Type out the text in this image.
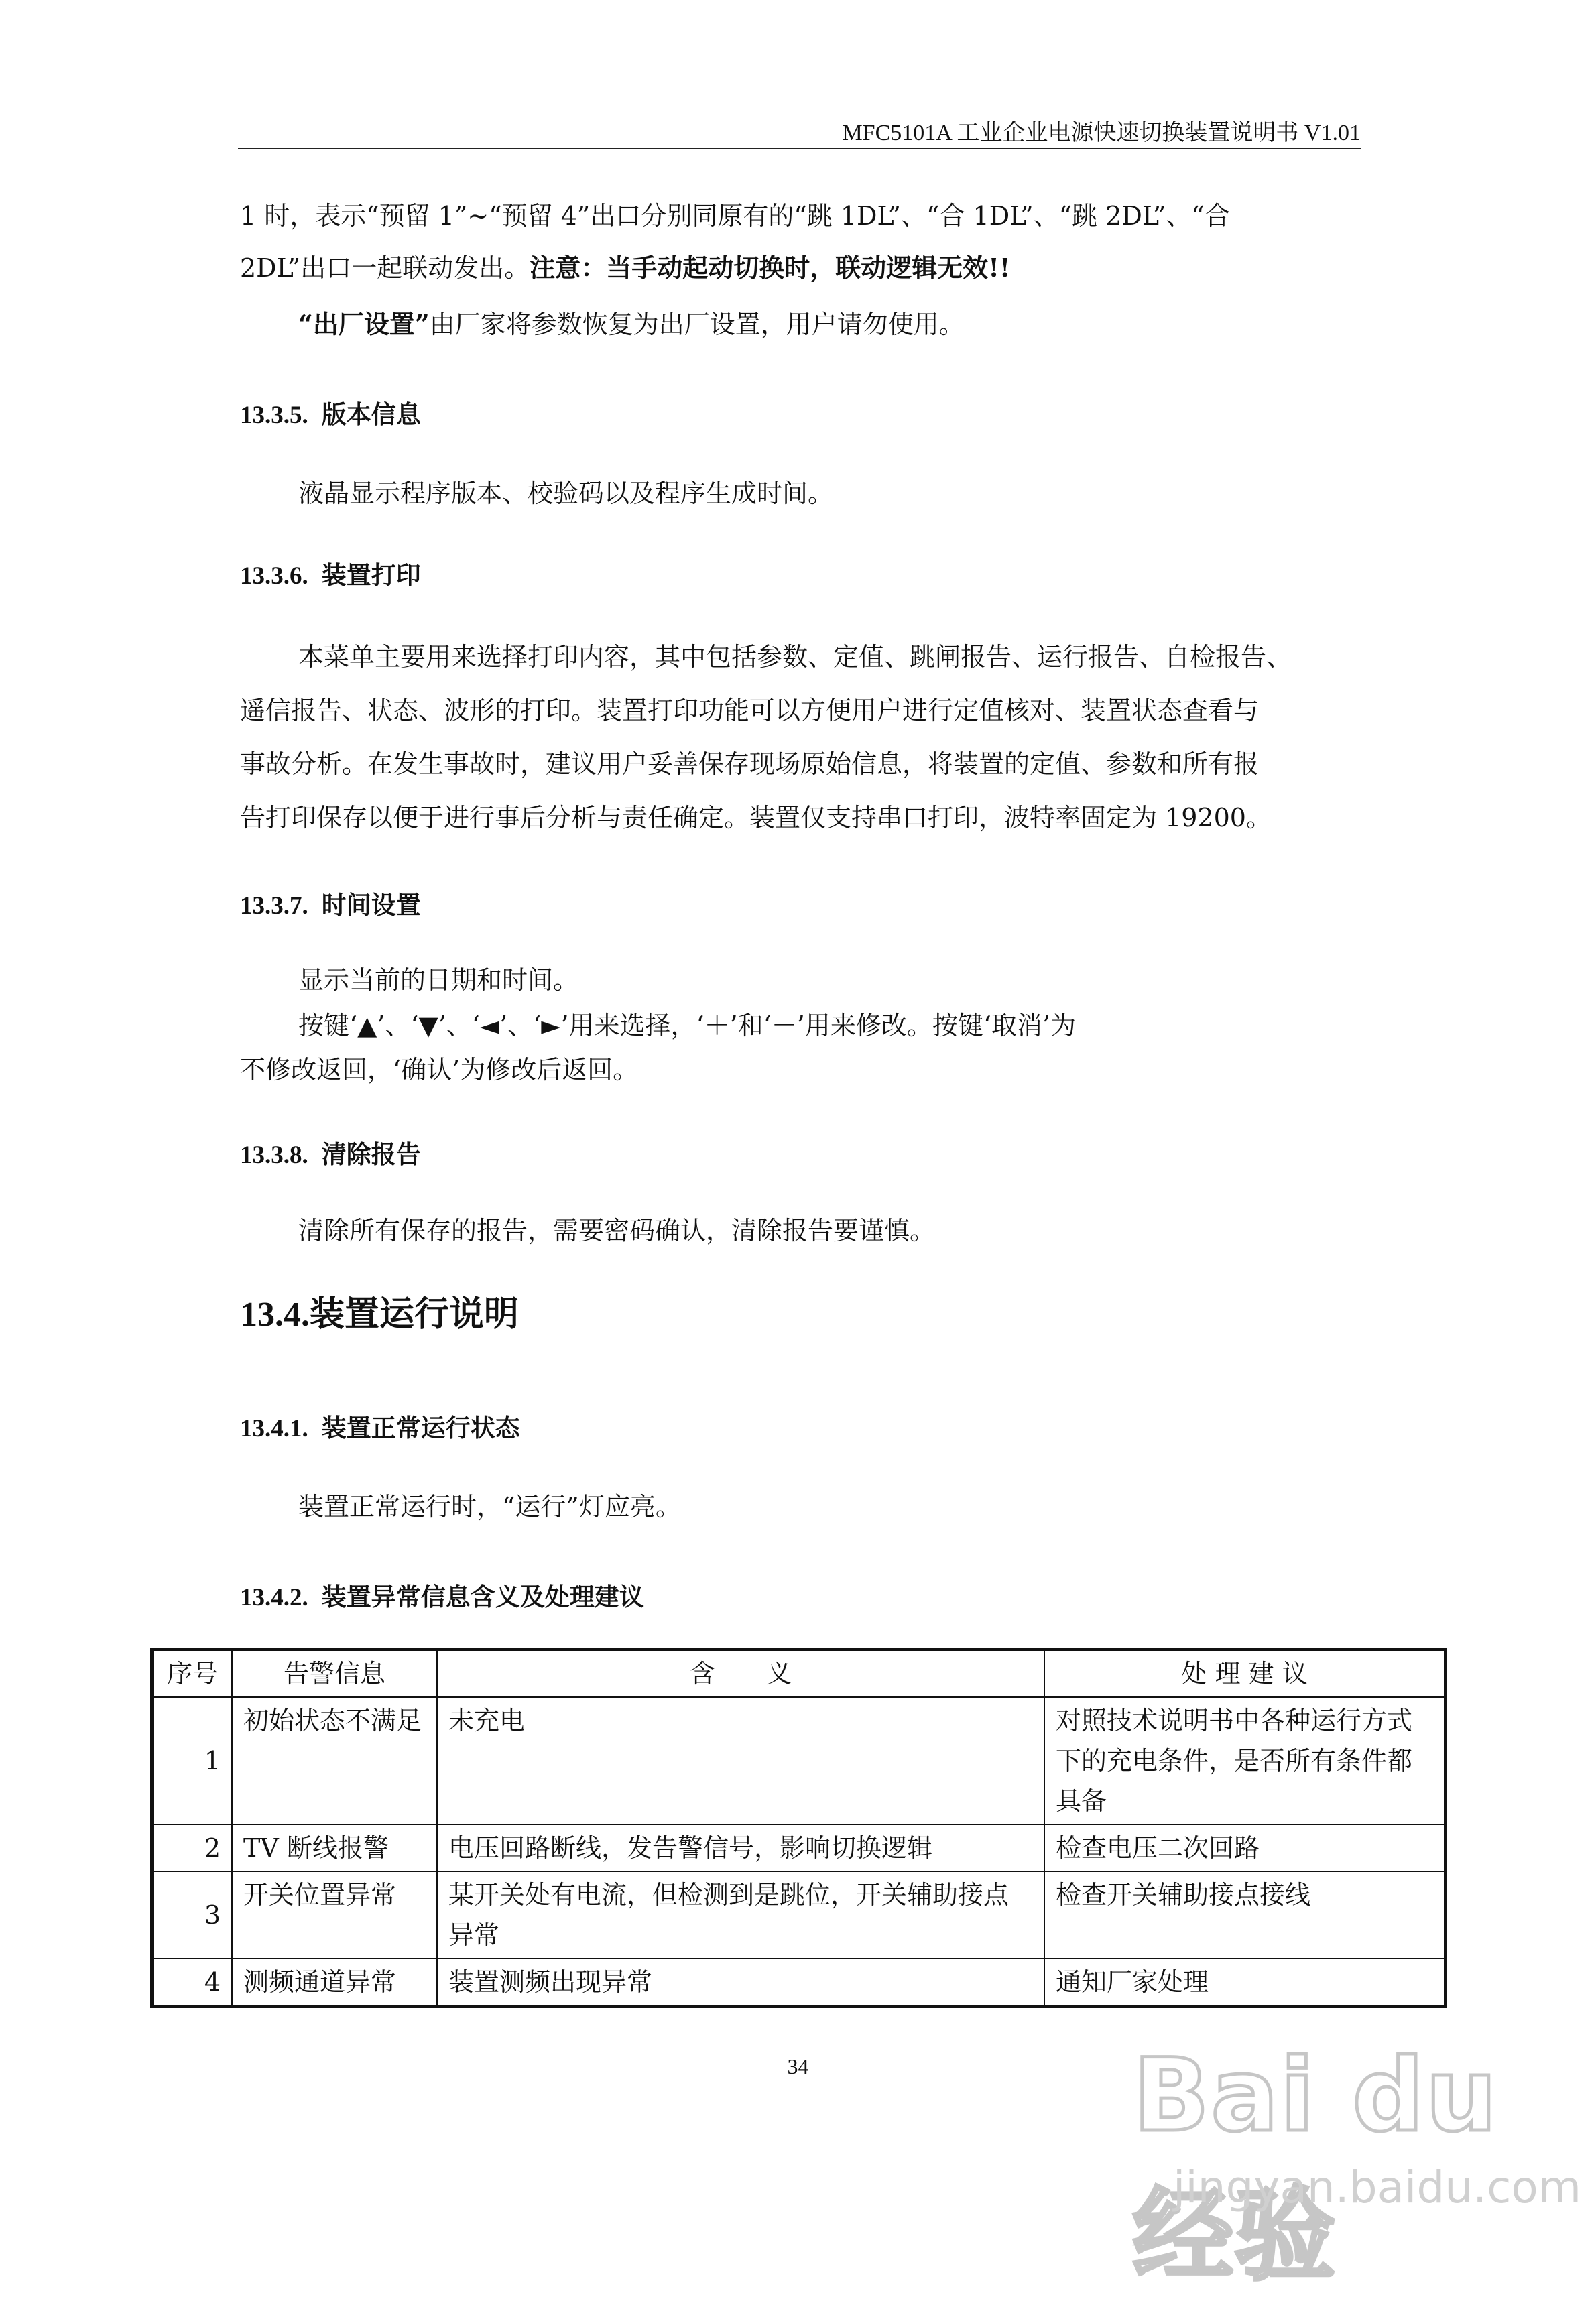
MFC5101A 工业企业电源快速切换装置说明书 V1.01
1 时，表示“预留 1”~“预留 4”出口分别同原有的“跳 1DL”、“合 1DL”、“跳 2DL”、“合
2DL”出口一起联动发出。注意：当手动起动切换时，联动逻辑无效!!
“出厂设置”由厂家将参数恢复为出厂设置，用户请勿使用。
13.3.5. 版本信息
液晶显示程序版本、校验码以及程序生成时间。
13.3.6. 装置打印
本菜单主要用来选择打印内容，其中包括参数、定值、跳闸报告、运行报告、自检报告、
遥信报告、状态、波形的打印。装置打印功能可以方便用户进行定值核对、装置状态查看与
事故分析。在发生事故时，建议用户妥善保存现场原始信息，将装置的定值、参数和所有报
告打印保存以便于进行事后分析与责任确定。装置仅支持串口打印，波特率固定为 19200。
13.3.7. 时间设置
显示当前的日期和时间。
按键‘▲’、‘▼’、‘◄’、‘►’用来选择，‘＋’和‘－’用来修改。按键‘取消’为
不修改返回，‘确认’为修改后返回。
13.3.8. 清除报告
清除所有保存的报告，需要密码确认，清除报告要谨慎。
13.4.装置运行说明
13.4.1. 装置正常运行状态
装置正常运行时，“运行”灯应亮。
13.4.2. 装置异常信息含义及处理建议
序号	告警信息	含　　义	处 理 建 议
1	初始状态不满足	未充电	对照技术说明书中各种运行方式下的充电条件，是否所有条件都具备
2	TV 断线报警	电压回路断线，发告警信号，影响切换逻辑	检查电压二次回路
3	开关位置异常	某开关处有电流，但检测到是跳位，开关辅助接点异常	检查开关辅助接点接线
4	测频通道异常	装置测频出现异常	通知厂家处理
34	Bai du 经验
jingyan.baidu.com
